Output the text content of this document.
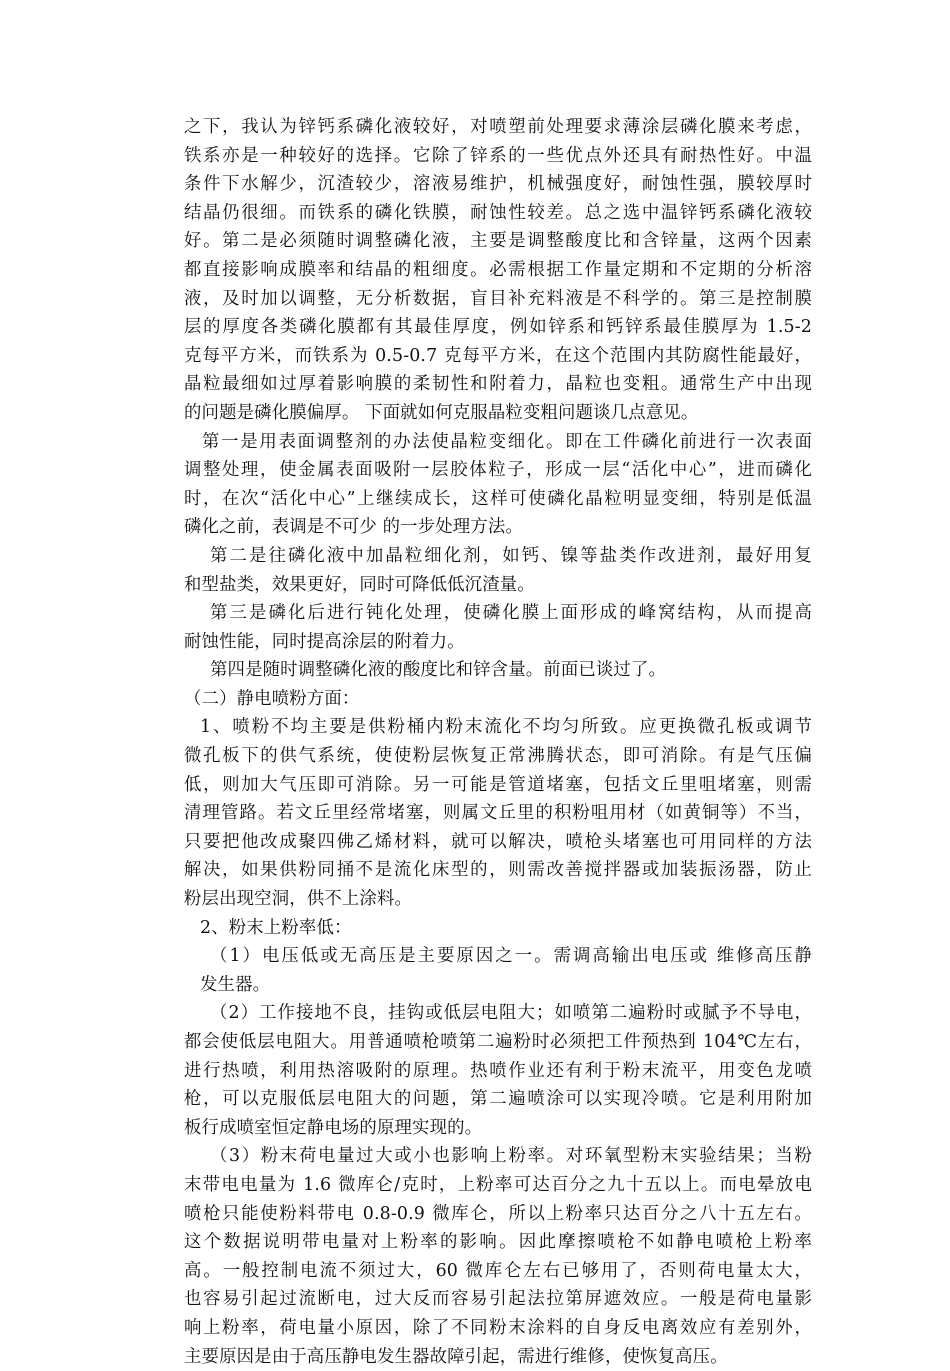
之下，我认为锌钙系磷化液较好，对喷塑前处理要求薄涂层磷化膜来考虑，
铁系亦是一种较好的选择。它除了锌系的一些优点外还具有耐热性好。中温
条件下水解少，沉渣较少，溶液易维护，机械强度好，耐蚀性强，膜较厚时
结晶仍很细。而铁系的磷化铁膜，耐蚀性较差。总之选中温锌钙系磷化液较
好。第二是必须随时调整磷化液，主要是调整酸度比和含锌量，这两个因素
都直接影响成膜率和结晶的粗细度。必需根据工作量定期和不定期的分析溶
液，及时加以调整，无分析数据，盲目补充料液是不科学的。第三是控制膜
层的厚度各类磷化膜都有其最佳厚度，例如锌系和钙锌系最佳膜厚为 1.5-2
克每平方米，而铁系为 0.5-0.7 克每平方米，在这个范围内其防腐性能最好，
晶粒最细如过厚着影响膜的柔韧性和附着力，晶粒也变粗。通常生产中出现
的问题是磷化膜偏厚。 下面就如何克服晶粒变粗问题谈几点意见。
第一是用表面调整剂的办法使晶粒变细化。即在工件磷化前进行一次表面
调整处理，使金属表面吸附一层胶体粒子，形成一层“活化中心”，进而磷化
时，在次“活化中心”上继续成长，这样可使磷化晶粒明显变细，特别是低温
磷化之前，表调是不可少 的一步处理方法。
第二是往磷化液中加晶粒细化剂，如钙、镍等盐类作改进剂，最好用复
和型盐类，效果更好，同时可降低低沉渣量。
第三是磷化后进行钝化处理，使磷化膜上面形成的峰窝结构，从而提高
耐蚀性能，同时提高涂层的附着力。
第四是随时调整磷化液的酸度比和锌含量。前面已谈过了。
（二）静电喷粉方面：
1、喷粉不均主要是供粉桶内粉末流化不均匀所致。应更换微孔板或调节
微孔板下的供气系统，使使粉层恢复正常沸腾状态，即可消除。有是气压偏
低，则加大气压即可消除。另一可能是管道堵塞，包括文丘里咀堵塞，则需
清理管路。若文丘里经常堵塞，则属文丘里的积粉咀用材（如黄铜等）不当，
只要把他改成聚四佛乙烯材料，就可以解决，喷枪头堵塞也可用同样的方法
解决，如果供粉同捅不是流化床型的，则需改善搅拌器或加装振汤器，防止
粉层出现空洞，供不上涂料。
2、粉末上粉率低：
（1）电压低或无高压是主要原因之一。需调高输出电压或 维修高压静
发生器。
（2）工作接地不良，挂钩或低层电阻大；如喷第二遍粉时或腻予不导电，
都会使低层电阻大。用普通喷枪喷第二遍粉时必须把工件预热到 104℃左右，
进行热喷，利用热溶吸附的原理。热喷作业还有利于粉末流平，用变色龙喷
枪，可以克服低层电阻大的问题，第二遍喷涂可以实现冷喷。它是利用附加
板行成喷室恒定静电场的原理实现的。
（3）粉末荷电量过大或小也影响上粉率。对环氧型粉末实验结果；当粉
末带电电量为 1.6 微库仑/克时，上粉率可达百分之九十五以上。而电晕放电
喷枪只能使粉料带电 0.8-0.9 微库仑，所以上粉率只达百分之八十五左右。
这个数据说明带电量对上粉率的影响。因此摩擦喷枪不如静电喷枪上粉率
高。一般控制电流不须过大，60 微库仑左右已够用了，否则荷电量太大，
也容易引起过流断电，过大反而容易引起法拉第屏遮效应。一般是荷电量影
响上粉率，荷电量小原因，除了不同粉末涂料的自身反电离效应有差别外，
主要原因是由于高压静电发生器故障引起，需进行维修，使恢复高压。
